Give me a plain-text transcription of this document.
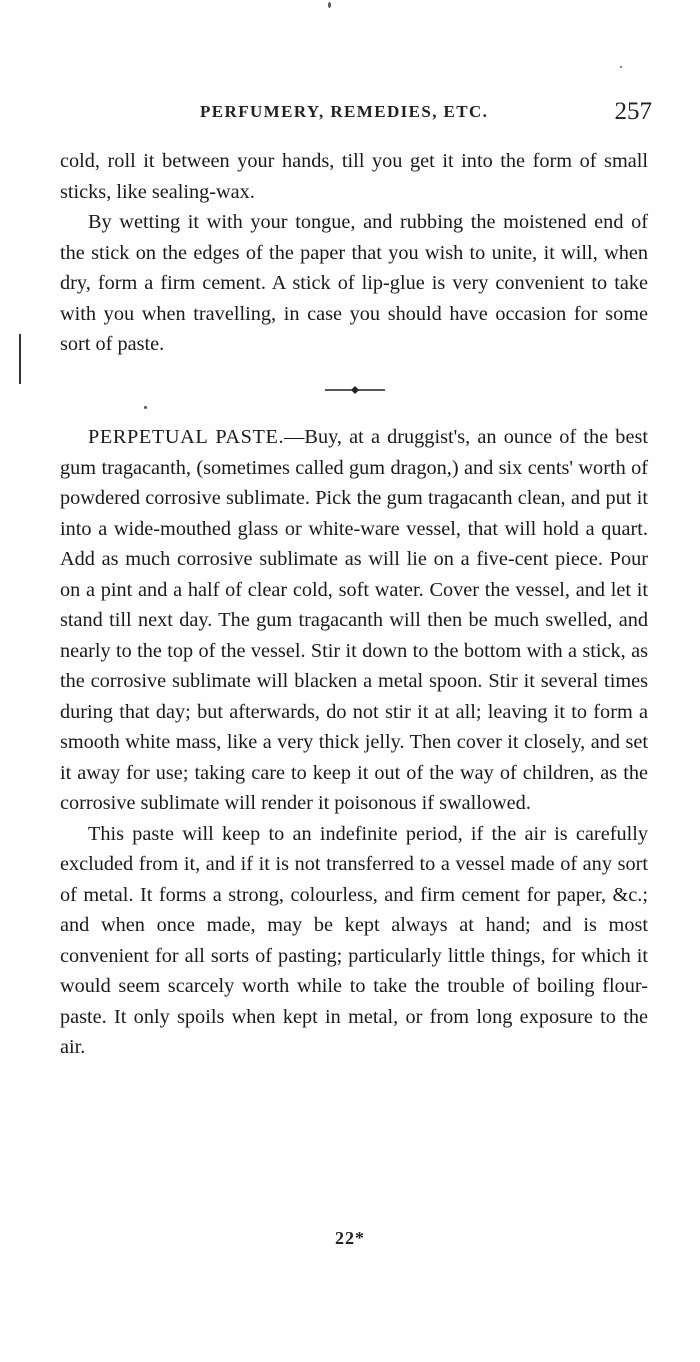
PERFUMERY, REMEDIES, ETC.	257

cold, roll it between your hands, till you get it into the form of small sticks, like sealing-wax.

By wetting it with your tongue, and rubbing the moistened end of the stick on the edges of the paper that you wish to unite, it will, when dry, form a firm cement. A stick of lip-glue is very convenient to take with you when travelling, in case you should have occasion for some sort of paste.

PERPETUAL PASTE.—Buy, at a druggist's, an ounce of the best gum tragacanth, (sometimes called gum dragon,) and six cents' worth of powdered corrosive sublimate. Pick the gum tragacanth clean, and put it into a wide-mouthed glass or white-ware vessel, that will hold a quart. Add as much corrosive sublimate as will lie on a five-cent piece. Pour on a pint and a half of clear cold, soft water. Cover the vessel, and let it stand till next day. The gum tragacanth will then be much swelled, and nearly to the top of the vessel. Stir it down to the bottom with a stick, as the corrosive sublimate will blacken a metal spoon. Stir it several times during that day; but afterwards, do not stir it at all; leaving it to form a smooth white mass, like a very thick jelly. Then cover it closely, and set it away for use; taking care to keep it out of the way of children, as the corrosive sublimate will render it poisonous if swallowed.

This paste will keep to an indefinite period, if the air is carefully excluded from it, and if it is not transferred to a vessel made of any sort of metal. It forms a strong, colourless, and firm cement for paper, &c.; and when once made, may be kept always at hand; and is most convenient for all sorts of pasting; particularly little things, for which it would seem scarcely worth while to take the trouble of boiling flour-paste. It only spoils when kept in metal, or from long exposure to the air.

22*
